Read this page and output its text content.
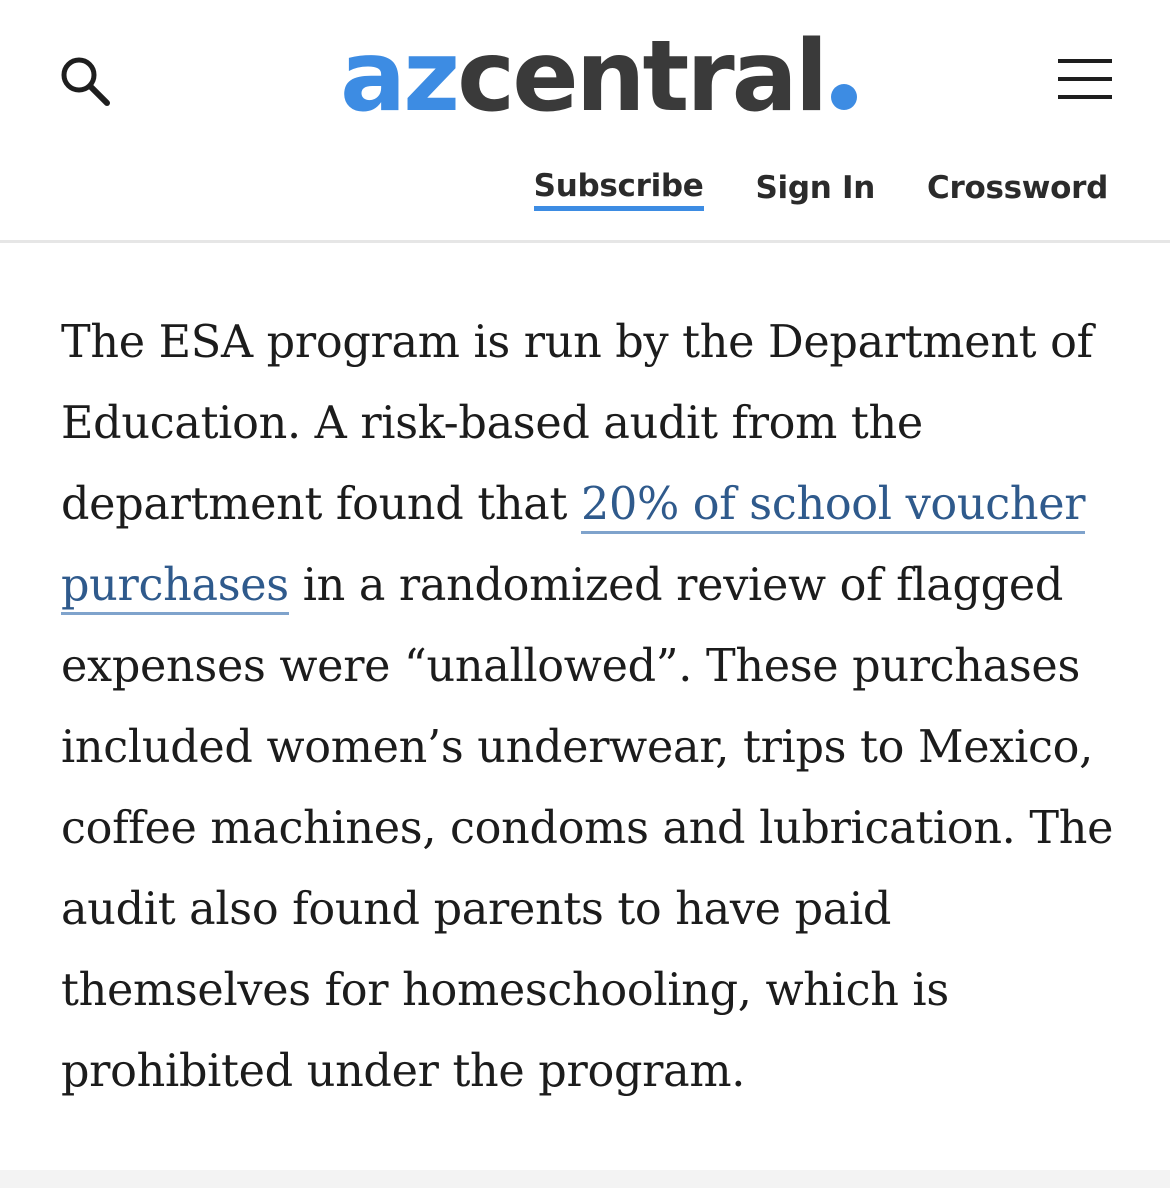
azcentral
Subscribe Sign In Crossword

The ESA program is run by the Department of Education. A risk-based audit from the department found that 20% of school voucher purchases in a randomized review of flagged expenses were “unallowed”. These purchases included women’s underwear, trips to Mexico, coffee machines, condoms and lubrication. The audit also found parents to have paid themselves for homeschooling, which is prohibited under the program.
